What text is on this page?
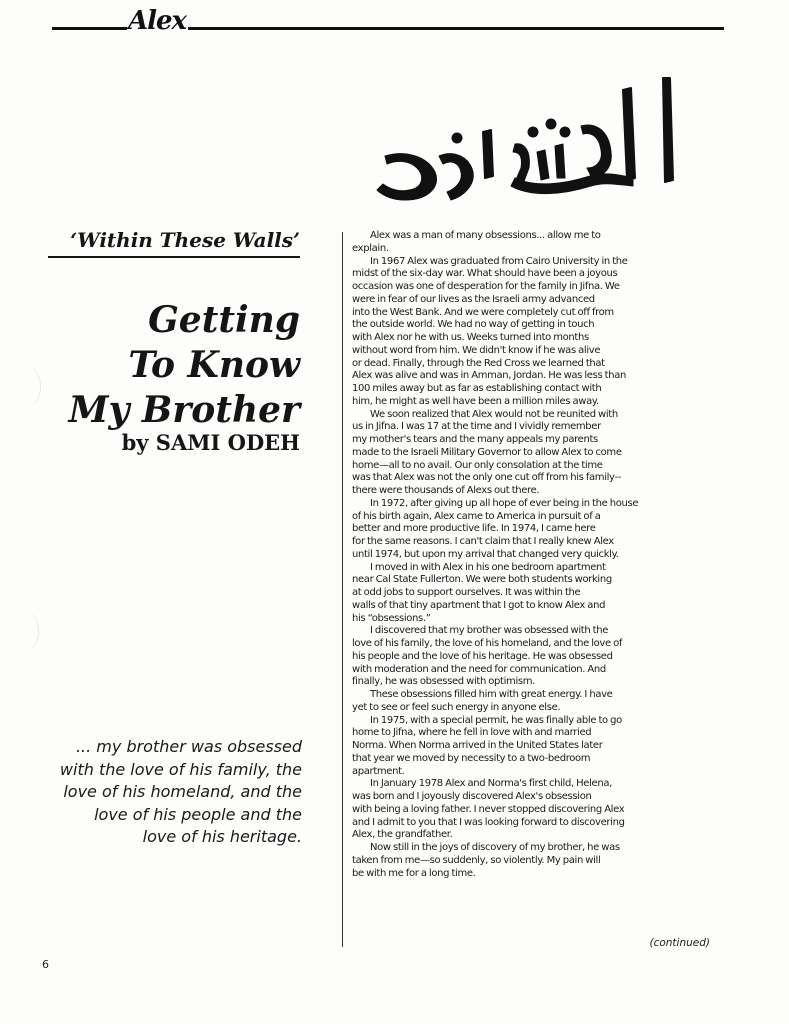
Alex
‘Within These Walls’
Getting
To Know
My Brother
by SAMI ODEH
... my brother was obsessed
with the love of his family, the
love of his homeland, and the
love of his people and the
love of his heritage.
Alex was a man of many obsessions... allow me to
explain.
In 1967 Alex was graduated from Cairo University in the
midst of the six-day war. What should have been a joyous
occasion was one of desperation for the family in Jifna. We
were in fear of our lives as the Israeli army advanced
into the West Bank. And we were completely cut off from
the outside world. We had no way of getting in touch
with Alex nor he with us. Weeks turned into months
without word from him. We didn't know if he was alive
or dead. Finally, through the Red Cross we learned that
Alex was alive and was in Amman, Jordan. He was less than
100 miles away but as far as establishing contact with
him, he might as well have been a million miles away.
We soon realized that Alex would not be reunited with
us in Jifna. I was 17 at the time and I vividly remember
my mother's tears and the many appeals my parents
made to the Israeli Military Governor to allow Alex to come
home—all to no avail. Our only consolation at the time
was that Alex was not the only one cut off from his family--
there were thousands of Alexs out there.
In 1972, after giving up all hope of ever being in the house
of his birth again, Alex came to America in pursuit of a
better and more productive life. In 1974, I came here
for the same reasons. I can't claim that I really knew Alex
until 1974, but upon my arrival that changed very quickly.
I moved in with Alex in his one bedroom apartment
near Cal State Fullerton. We were both students working
at odd jobs to support ourselves. It was within the
walls of that tiny apartment that I got to know Alex and
his “obsessions.”
I discovered that my brother was obsessed with the
love of his family, the love of his homeland, and the love of
his people and the love of his heritage. He was obsessed
with moderation and the need for communication. And
finally, he was obsessed with optimism.
These obsessions filled him with great energy. I have
yet to see or feel such energy in anyone else.
In 1975, with a special permit, he was finally able to go
home to Jifna, where he fell in love with and married
Norma. When Norma arrived in the United States later
that year we moved by necessity to a two-bedroom
apartment.
In January 1978 Alex and Norma's first child, Helena,
was born and I joyously discovered Alex's obsession
with being a loving father. I never stopped discovering Alex
and I admit to you that I was looking forward to discovering
Alex, the grandfather.
Now still in the joys of discovery of my brother, he was
taken from me—so suddenly, so violently. My pain will
be with me for a long time.
(continued)
6
